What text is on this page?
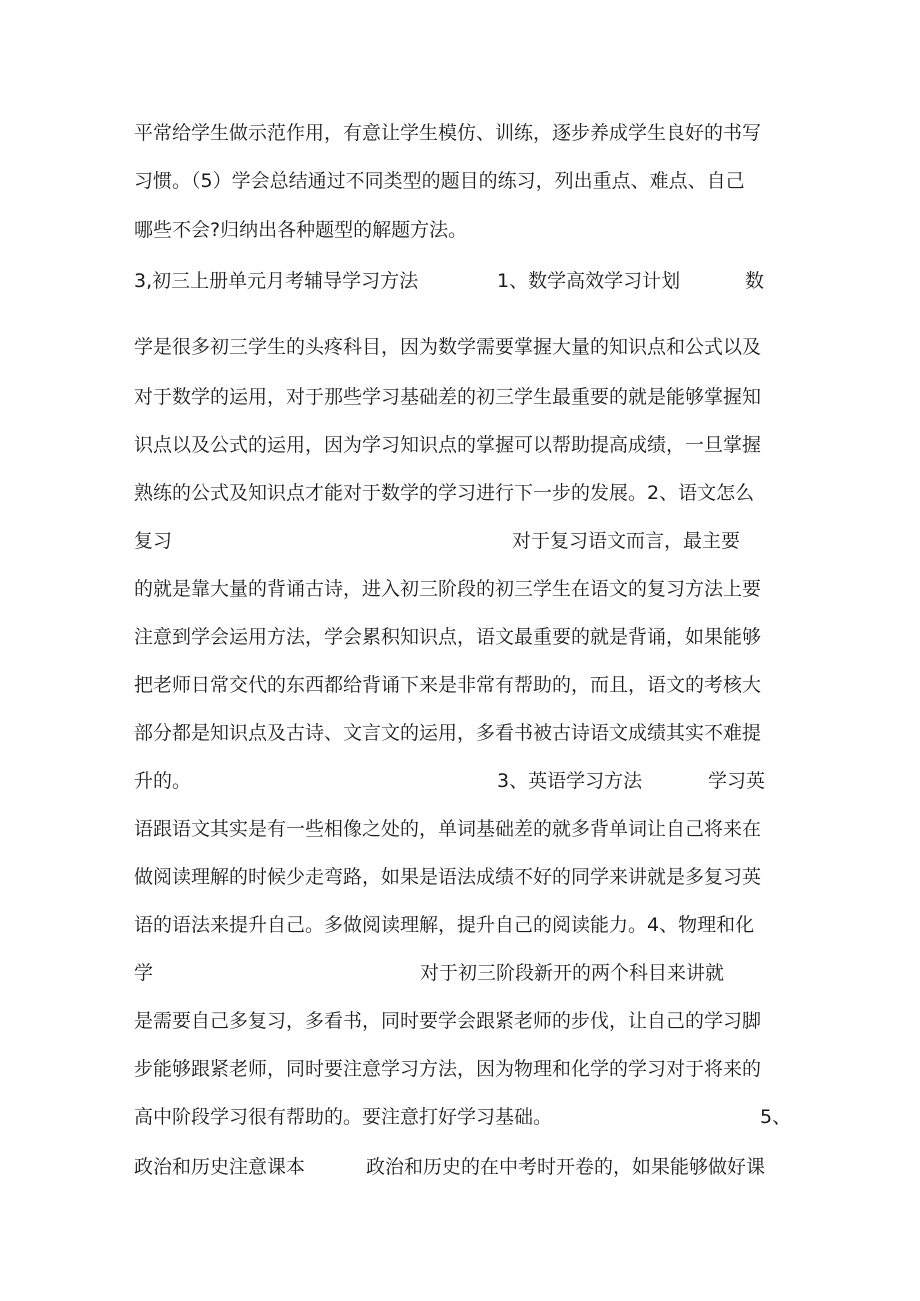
平常给学生做示范作用，有意让学生模仿、训练，逐步养成学生良好的书写
习惯。（5）学会总结通过不同类型的题目的练习，列出重点、难点、自己
哪些不会?归纳出各种题型的解题方法。
3,初三上册单元月考辅导学习方法	1、数学高效学习计划	数
学是很多初三学生的头疼科目，因为数学需要掌握大量的知识点和公式以及
对于数学的运用，对于那些学习基础差的初三学生最重要的就是能够掌握知
识点以及公式的运用，因为学习知识点的掌握可以帮助提高成绩，一旦掌握
熟练的公式及知识点才能对于数学的学习进行下一步的发展。2、语文怎么
复习	对于复习语文而言，最主要
的就是靠大量的背诵古诗，进入初三阶段的初三学生在语文的复习方法上要
注意到学会运用方法，学会累积知识点，语文最重要的就是背诵，如果能够
把老师日常交代的东西都给背诵下来是非常有帮助的，而且，语文的考核大
部分都是知识点及古诗、文言文的运用，多看书被古诗语文成绩其实不难提
升的。	3、英语学习方法	学习英
语跟语文其实是有一些相像之处的，单词基础差的就多背单词让自己将来在
做阅读理解的时候少走弯路，如果是语法成绩不好的同学来讲就是多复习英
语的语法来提升自己。多做阅读理解，提升自己的阅读能力。4、物理和化
学	对于初三阶段新开的两个科目来讲就
是需要自己多复习，多看书，同时要学会跟紧老师的步伐，让自己的学习脚
步能够跟紧老师，同时要注意学习方法，因为物理和化学的学习对于将来的
高中阶段学习很有帮助的。要注意打好学习基础。	5、
政治和历史注意课本	政治和历史的在中考时开卷的，如果能够做好课
